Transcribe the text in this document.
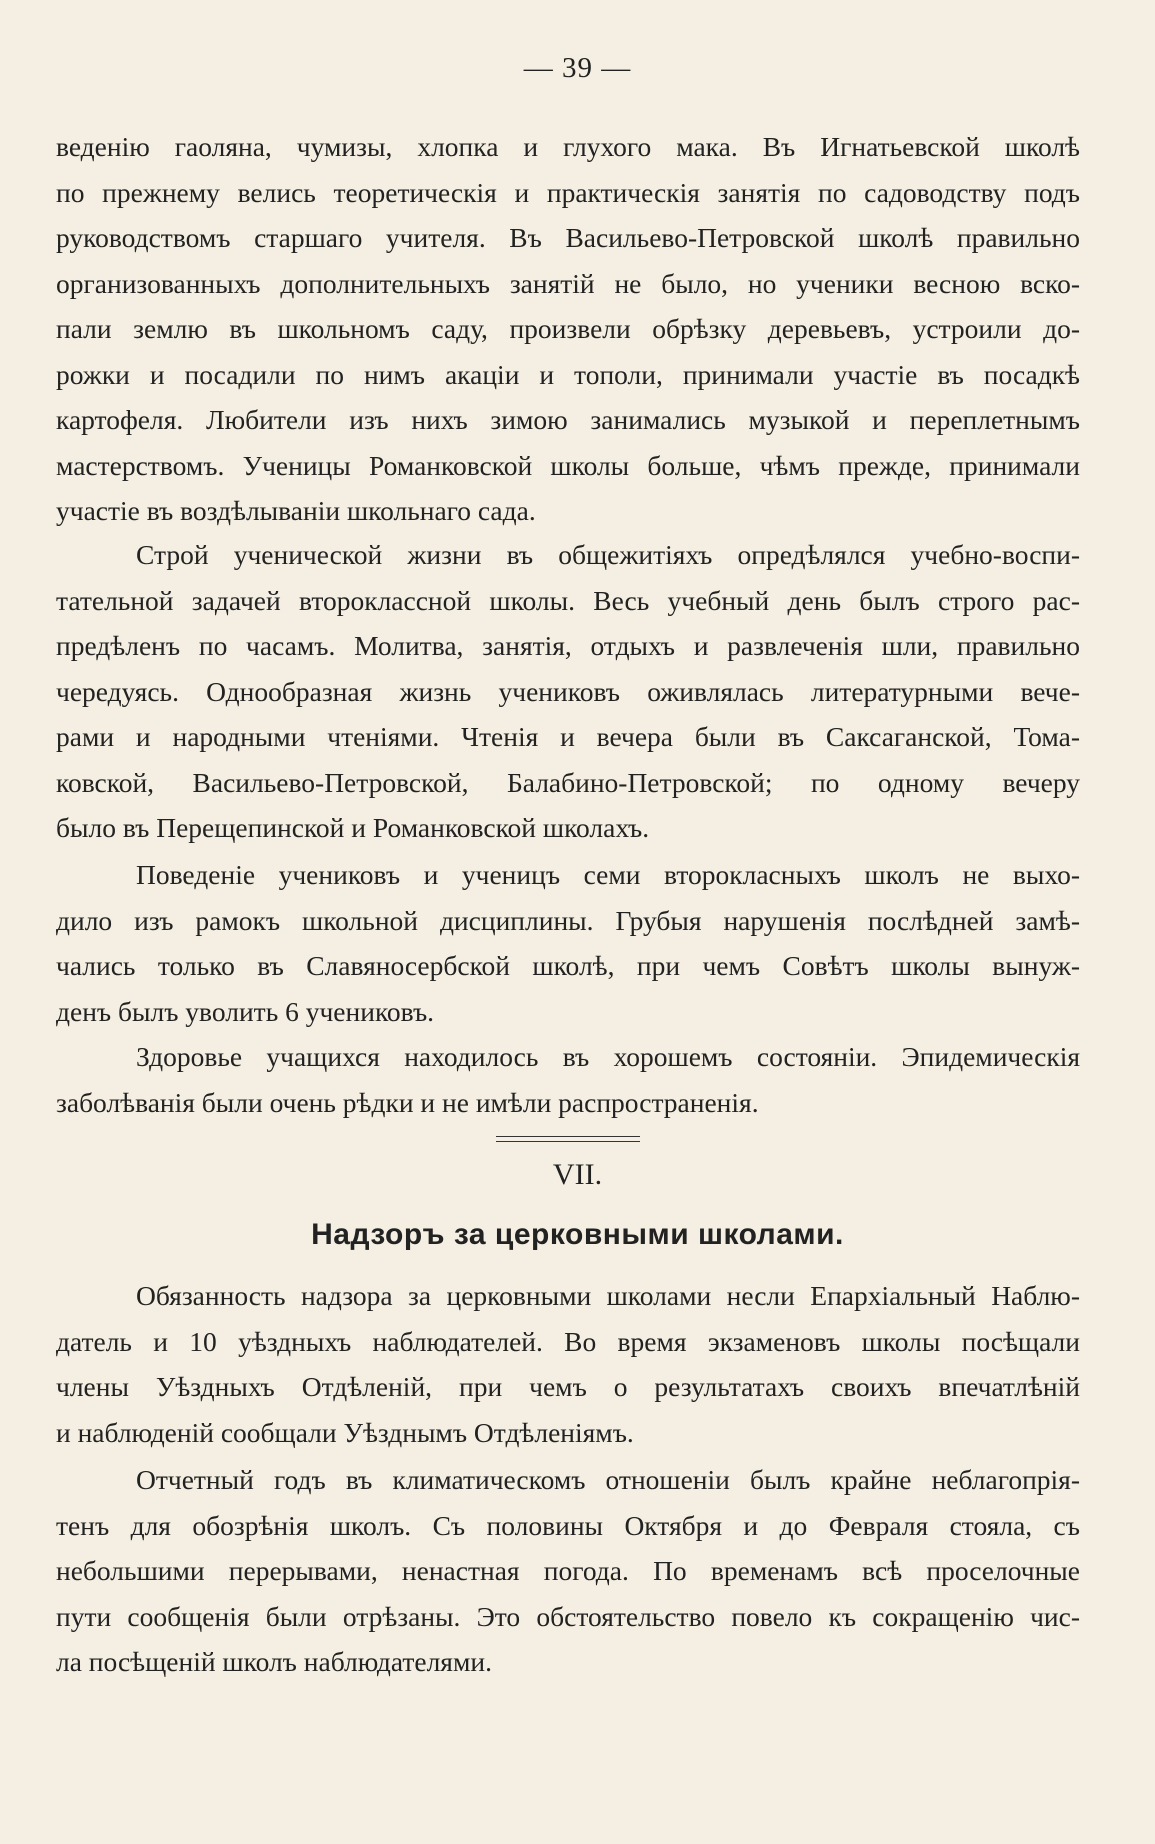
— 39 —
веденію гаоляна, чумизы, хлопка и глухого мака. Въ Игнатьевской школѣ
по прежнему велись теоретическія и практическія занятія по садоводству подъ
руководствомъ старшаго учителя. Въ Васильево-Петровской школѣ правильно
организованныхъ дополнительныхъ занятій не было, но ученики весною вско-
пали землю въ школьномъ саду, произвели обрѣзку деревьевъ, устроили до-
рожки и посадили по нимъ акаціи и тополи, принимали участіе въ посадкѣ
картофеля. Любители изъ нихъ зимою занимались музыкой и переплетнымъ
мастерствомъ. Ученицы Романковской школы больше, чѣмъ прежде, принимали
участіе въ воздѣлываніи школьнаго сада.
Строй ученической жизни въ общежитіяхъ опредѣлялся учебно-воспи-
тательной задачей второклассной школы. Весь учебный день былъ строго рас-
предѣленъ по часамъ. Молитва, занятія, отдыхъ и развлеченія шли, правильно
чередуясь. Однообразная жизнь учениковъ оживлялась литературными вече-
рами и народными чтеніями. Чтенія и вечера были въ Саксаганской, Тома-
ковской, Васильево-Петровской, Балабино-Петровской; по одному вечеру
было въ Перещепинской и Романковской школахъ.
Поведеніе учениковъ и ученицъ семи второкласныхъ школъ не выхо-
дило изъ рамокъ школьной дисциплины. Грубыя нарушенія послѣдней замѣ-
чались только въ Славяносербской школѣ, при чемъ Совѣтъ школы вынуж-
денъ былъ уволить 6 учениковъ.
Здоровье учащихся находилось въ хорошемъ состояніи. Эпидемическія
заболѣванія были очень рѣдки и не имѣли распространенія.
VII.
Надзоръ за церковными школами.
Обязанность надзора за церковными школами несли Епархіальный Наблю-
датель и 10 уѣздныхъ наблюдателей. Во время экзаменовъ школы посѣщали
члены Уѣздныхъ Отдѣленій, при чемъ о результатахъ своихъ впечатлѣній
и наблюденій сообщали Уѣзднымъ Отдѣленіямъ.
Отчетный годъ въ климатическомъ отношеніи былъ крайне неблагопрія-
тенъ для обозрѣнія школъ. Съ половины Октября и до Февраля стояла, съ
небольшими перерывами, ненастная погода. По временамъ всѣ проселочные
пути сообщенія были отрѣзаны. Это обстоятельство повело къ сокращенію чис-
ла посѣщеній школъ наблюдателями.
